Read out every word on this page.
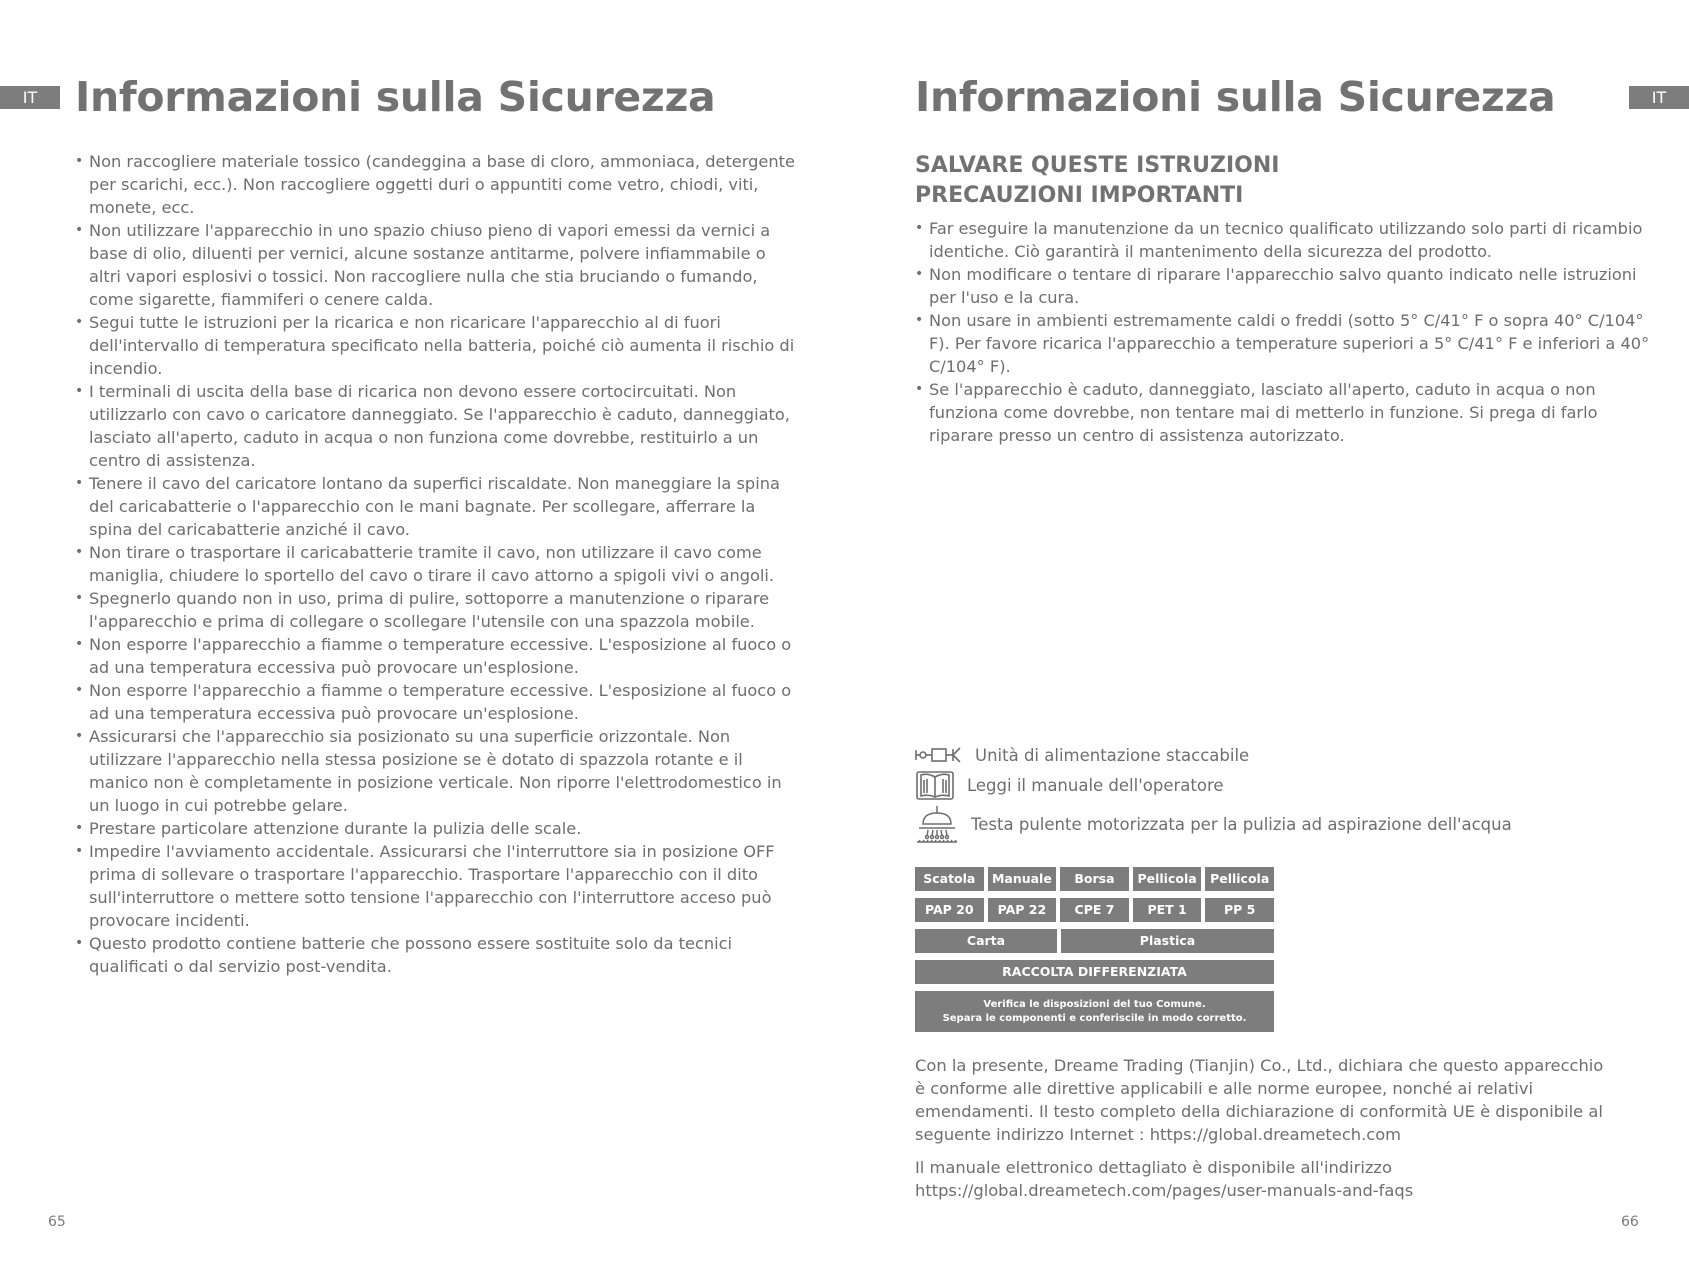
IT Informazioni sulla Sicurezza
• Non raccogliere materiale tossico (candeggina a base di cloro, ammoniaca, detergente per scarichi, ecc.). Non raccogliere oggetti duri o appuntiti come vetro, chiodi, viti, monete, ecc.
• Non utilizzare l'apparecchio in uno spazio chiuso pieno di vapori emessi da vernici a base di olio, diluenti per vernici, alcune sostanze antitarme, polvere infiammabile o altri vapori esplosivi o tossici. Non raccogliere nulla che stia bruciando o fumando, come sigarette, fiammiferi o cenere calda.
• Segui tutte le istruzioni per la ricarica e non ricaricare l'apparecchio al di fuori dell'intervallo di temperatura specificato nella batteria, poiché ciò aumenta il rischio di incendio.
• I terminali di uscita della base di ricarica non devono essere cortocircuitati. Non utilizzarlo con cavo o caricatore danneggiato. Se l'apparecchio è caduto, danneggiato, lasciato all'aperto, caduto in acqua o non funziona come dovrebbe, restituirlo a un centro di assistenza.
• Tenere il cavo del caricatore lontano da superfici riscaldate. Non maneggiare la spina del caricabatterie o l'apparecchio con le mani bagnate. Per scollegare, afferrare la spina del caricabatterie anziché il cavo.
• Non tirare o trasportare il caricabatterie tramite il cavo, non utilizzare il cavo come maniglia, chiudere lo sportello del cavo o tirare il cavo attorno a spigoli vivi o angoli.
• Spegnerlo quando non in uso, prima di pulire, sottoporre a manutenzione o riparare l'apparecchio e prima di collegare o scollegare l'utensile con una spazzola mobile.
• Non esporre l'apparecchio a fiamme o temperature eccessive. L'esposizione al fuoco o ad una temperatura eccessiva può provocare un'esplosione.
• Non esporre l'apparecchio a fiamme o temperature eccessive. L'esposizione al fuoco o ad una temperatura eccessiva può provocare un'esplosione.
• Assicurarsi che l'apparecchio sia posizionato su una superficie orizzontale. Non utilizzare l'apparecchio nella stessa posizione se è dotato di spazzola rotante e il manico non è completamente in posizione verticale. Non riporre l'elettrodomestico in un luogo in cui potrebbe gelare.
• Prestare particolare attenzione durante la pulizia delle scale.
• Impedire l'avviamento accidentale. Assicurarsi che l'interruttore sia in posizione OFF prima di sollevare o trasportare l'apparecchio. Trasportare l'apparecchio con il dito sull'interruttore o mettere sotto tensione l'apparecchio con l'interruttore acceso può provocare incidenti.
• Questo prodotto contiene batterie che possono essere sostituite solo da tecnici qualificati o dal servizio post-vendita.
65
Informazioni sulla Sicurezza	IT
SALVARE QUESTE ISTRUZIONI
PRECAUZIONI IMPORTANTI
• Far eseguire la manutenzione da un tecnico qualificato utilizzando solo parti di ricambio identiche. Ciò garantirà il mantenimento della sicurezza del prodotto.
• Non modificare o tentare di riparare l'apparecchio salvo quanto indicato nelle istruzioni per l'uso e la cura.
• Non usare in ambienti estremamente caldi o freddi (sotto 5° C/41° F o sopra 40° C/104° F). Per favore ricarica l'apparecchio a temperature superiori a 5° C/41° F e inferiori a 40° C/104° F).
• Se l'apparecchio è caduto, danneggiato, lasciato all'aperto, caduto in acqua o non funziona come dovrebbe, non tentare mai di metterlo in funzione. Si prega di farlo riparare presso un centro di assistenza autorizzato.
Unità di alimentazione staccabile
Leggi il manuale dell'operatore
Testa pulente motorizzata per la pulizia ad aspirazione dell'acqua
Scatola	Manuale	Borsa	Pellicola	Pellicola
PAP 20	PAP 22	CPE 7	PET 1	PP 5
Carta	Plastica
RACCOLTA DIFFERENZIATA
Verifica le disposizioni del tuo Comune.
Separa le componenti e conferiscile in modo corretto.

Con la presente, Dreame Trading (Tianjin) Co., Ltd., dichiara che questo apparecchio è conforme alle direttive applicabili e alle norme europee, nonché ai relativi emendamenti. Il testo completo della dichiarazione di conformità UE è disponibile al seguente indirizzo Internet : https://global.dreametech.com

Il manuale elettronico dettagliato è disponibile all'indirizzo
https://global.dreametech.com/pages/user-manuals-and-faqs

66
